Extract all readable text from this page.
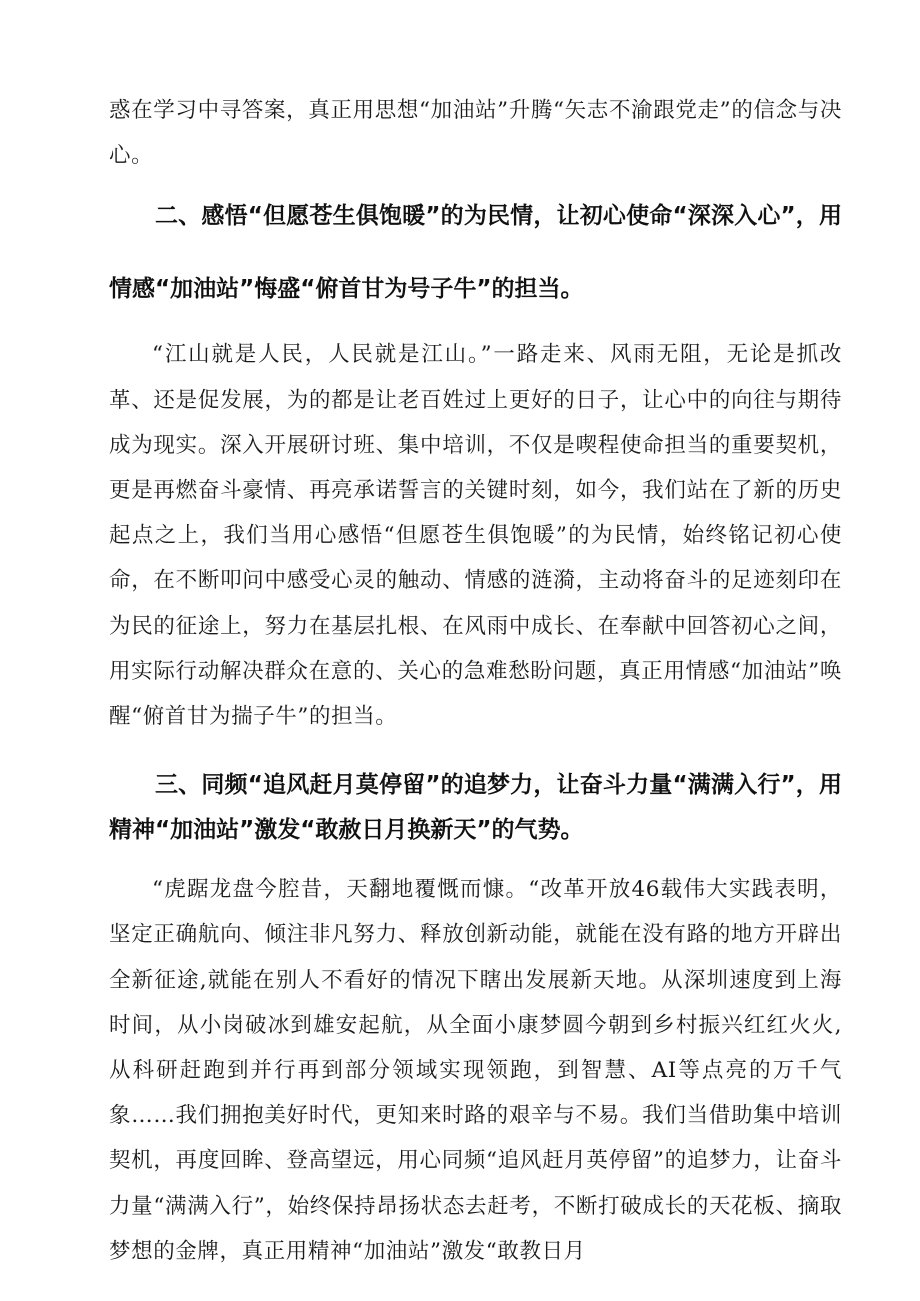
惑在学习中寻答案，真正用思想“加油站”升腾“矢志不渝跟党走”的信念与决心。

二、感悟“但愿苍生俱饱暖”的为民情，让初心使命“深深入心”，用情感“加油站”悔盛“俯首甘为号子牛”的担当。

“江山就是人民，人民就是江山。”一路走来、风雨无阻，无论是抓改革、还是促发展，为的都是让老百姓过上更好的日子，让心中的向往与期待成为现实。深入开展研讨班、集中培训，不仅是喫程使命担当的重要契机，更是再燃奋斗豪情、再亮承诺誓言的关键时刻，如今，我们站在了新的历史起点之上，我们当用心感悟“但愿苍生俱饱暖”的为民情，始终铭记初心使命，在不断叩问中感受心灵的触动、情感的涟漪，主动将奋斗的足迹刻印在为民的征途上，努力在基层扎根、在风雨中成长、在奉献中回答初心之间，用实际行动解决群众在意的、关心的急难愁盼问题，真正用情感“加油站”唤醒“俯首甘为揣子牛”的担当。

三、同频“追风赶月莫停留”的追梦力，让奋斗力量“满满入行”，用精神“加油站”激发“敢赦日月换新天”的气势。

“虎踞龙盘今腔昔，天翻地覆慨而慷。“改革开放46载伟大实践表明，坚定正确航向、倾注非凡努力、释放创新动能，就能在没有路的地方开辟出全新征途,就能在别人不看好的情况下瞎出发展新天地。从深圳速度到上海时间，从小岗破冰到雄安起航，从全面小康梦圆今朝到乡村振兴红红火火,从科研赶跑到并行再到部分领域实现领跑，到智慧、AI等点亮的万千气象……我们拥抱美好时代，更知来时路的艰辛与不易。我们当借助集中培训契机，再度回眸、登高望远，用心同频“追风赶月英停留”的追梦力，让奋斗力量“满满入行”，始终保持昂扬状态去赶考，不断打破成长的天花板、摘取梦想的金牌，真正用精神“加油站”激发“敢教日月
